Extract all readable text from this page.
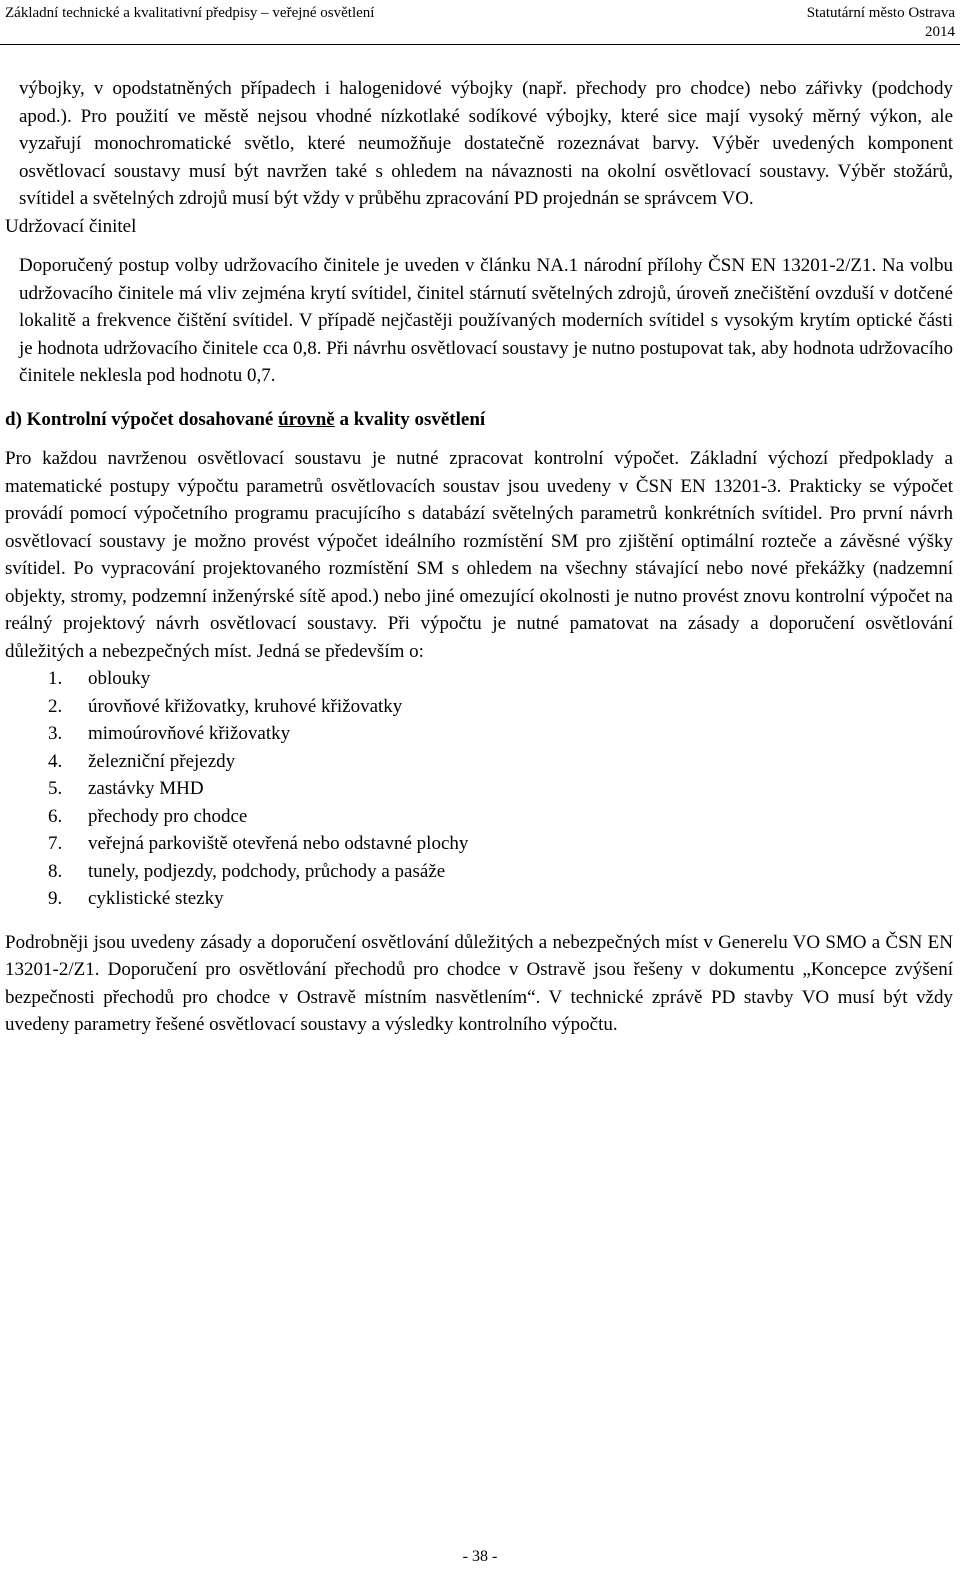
Základní technické a kvalitativní předpisy – veřejné osvětlení	Statutární město Ostrava
2014

výbojky, v opodstatněných případech i halogenidové výbojky (např. přechody pro chodce) nebo zářivky (podchody apod.). Pro použití ve městě nejsou vhodné nízkotlaké sodíkové výbojky, které sice mají vysoký měrný výkon, ale vyzařují monochromatické světlo, které neumožňuje dostatečně rozeznávat barvy. Výběr uvedených komponent osvětlovací soustavy musí být navržen také s ohledem na návaznosti na okolní osvětlovací soustavy. Výběr stožárů, svítidel a světelných zdrojů musí být vždy v průběhu zpracování PD projednán se správcem VO.

Udržovací činitel

Doporučený postup volby udržovacího činitele je uveden v článku NA.1 národní přílohy ČSN EN 13201-2/Z1. Na volbu udržovacího činitele má vliv zejména krytí svítidel, činitel stárnutí světelných zdrojů, úroveň znečištění ovzduší v dotčené lokalitě a frekvence čištění svítidel. V případě nejčastěji používaných moderních svítidel s vysokým krytím optické části je hodnota udržovacího činitele cca 0,8. Při návrhu osvětlovací soustavy je nutno postupovat tak, aby hodnota udržovacího činitele neklesla pod hodnotu 0,7.

d) Kontrolní výpočet dosahované úrovně a kvality osvětlení

Pro každou navrženou osvětlovací soustavu je nutné zpracovat kontrolní výpočet. Základní výchozí předpoklady a matematické postupy výpočtu parametrů osvětlovacích soustav jsou uvedeny v ČSN EN 13201-3. Prakticky se výpočet provádí pomocí výpočetního programu pracujícího s databází světelných parametrů konkrétních svítidel. Pro první návrh osvětlovací soustavy je možno provést výpočet ideálního rozmístění SM pro zjištění optimální rozteče a závěsné výšky svítidel. Po vypracování projektovaného rozmístění SM s ohledem na všechny stávající nebo nové překážky (nadzemní objekty, stromy, podzemní inženýrské sítě apod.) nebo jiné omezující okolnosti je nutno provést znovu kontrolní výpočet na reálný projektový návrh osvětlovací soustavy. Při výpočtu je nutné pamatovat na zásady a doporučení osvětlování důležitých a nebezpečných míst. Jedná se především o:

1. oblouky
2. úrovňové křižovatky, kruhové křižovatky
3. mimoúrovňové křižovatky
4. železniční přejezdy
5. zastávky MHD
6. přechody pro chodce
7. veřejná parkoviště otevřená nebo odstavné plochy
8. tunely, podjezdy, podchody, průchody a pasáže
9. cyklistické stezky

Podrobněji jsou uvedeny zásady a doporučení osvětlování důležitých a nebezpečných míst v Generelu VO SMO a ČSN EN 13201-2/Z1. Doporučení pro osvětlování přechodů pro chodce v Ostravě jsou řešeny v dokumentu „Koncepce zvýšení bezpečnosti přechodů pro chodce v Ostravě místním nasvětlením“. V technické zprávě PD stavby VO musí být vždy uvedeny parametry řešené osvětlovací soustavy a výsledky kontrolního výpočtu.

- 38 -
